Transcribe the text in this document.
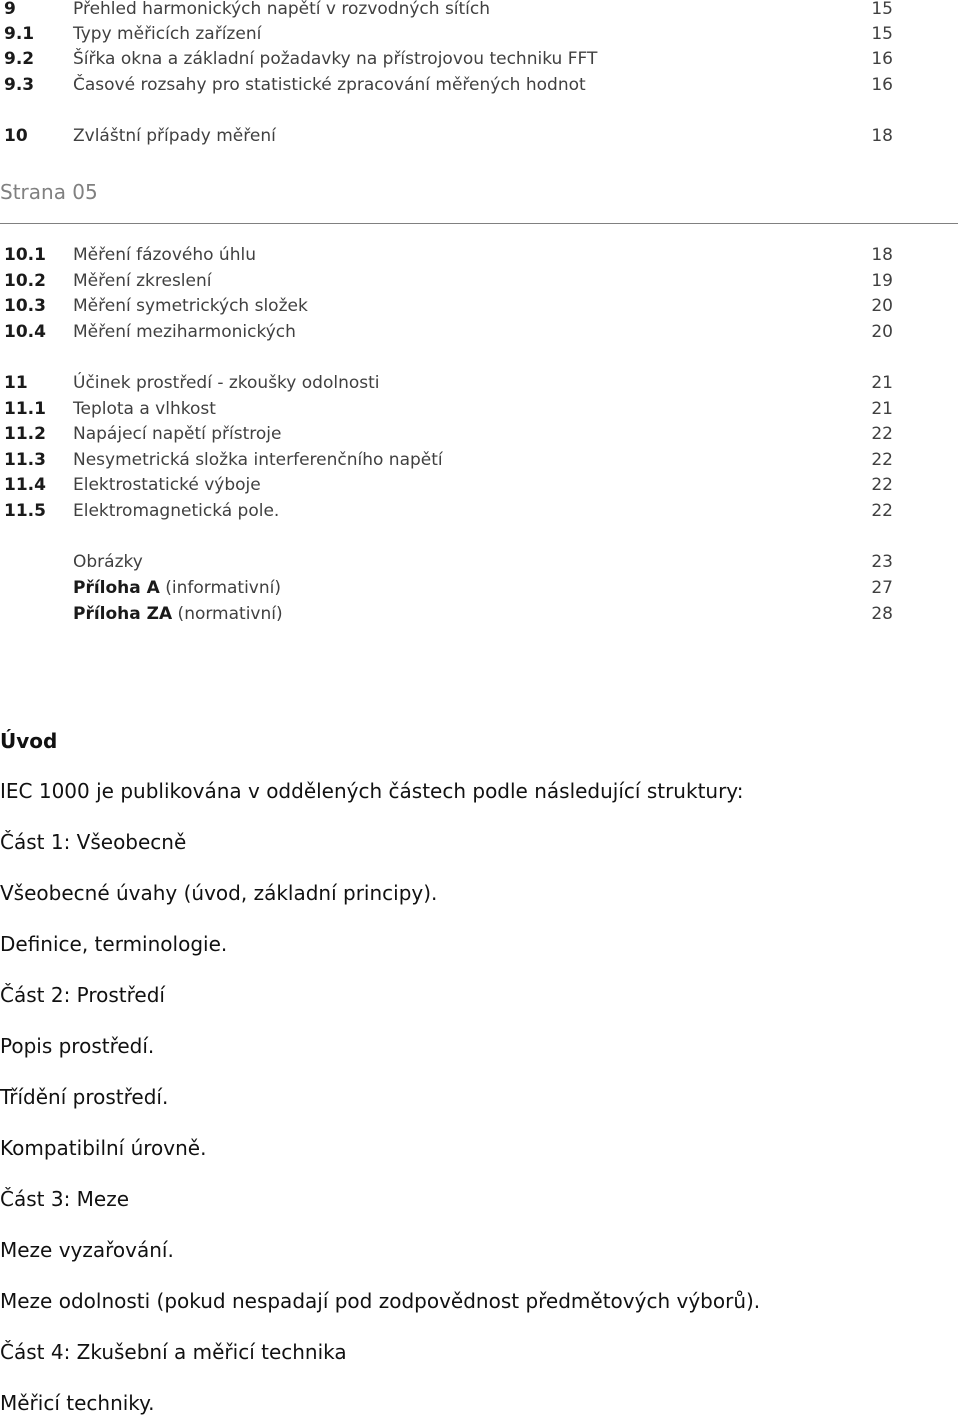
9	Přehled harmonických napětí v rozvodných sítích	15
9.1 Typy měřicích zařízení	15
9.2 Šířka okna a základní požadavky na přístrojovou techniku FFT	16
9.3 Časové rozsahy pro statistické zpracování měřených hodnot	16
10	Zvláštní případy měření	18
Strana 05
10.1 Měření fázového úhlu	18
10.2 Měření zkreslení	19
10.3 Měření symetrických složek	20
10.4 Měření meziharmonických	20
11	Účinek prostředí - zkoušky odolnosti	21
11.1 Teplota a vlhkost	21
11.2 Napájecí napětí přístroje	22
11.3 Nesymetrická složka interferenčního napětí	22
11.4 Elektrostatické výboje	22
11.5 Elektromagnetická pole.	22
Obrázky	23
Příloha A (informativní)	27
Příloha ZA (normativní)	28
Úvod
IEC 1000 je publikována v oddělených částech podle následující struktury:
Část 1: Všeobecně
Všeobecné úvahy (úvod, základní principy).
Definice, terminologie.
Část 2: Prostředí
Popis prostředí.
Třídění prostředí.
Kompatibilní úrovně.
Část 3: Meze
Meze vyzařování.
Meze odolnosti (pokud nespadají pod zodpovědnost předmětových výborů).
Část 4: Zkušební a měřicí technika
Měřicí techniky.
